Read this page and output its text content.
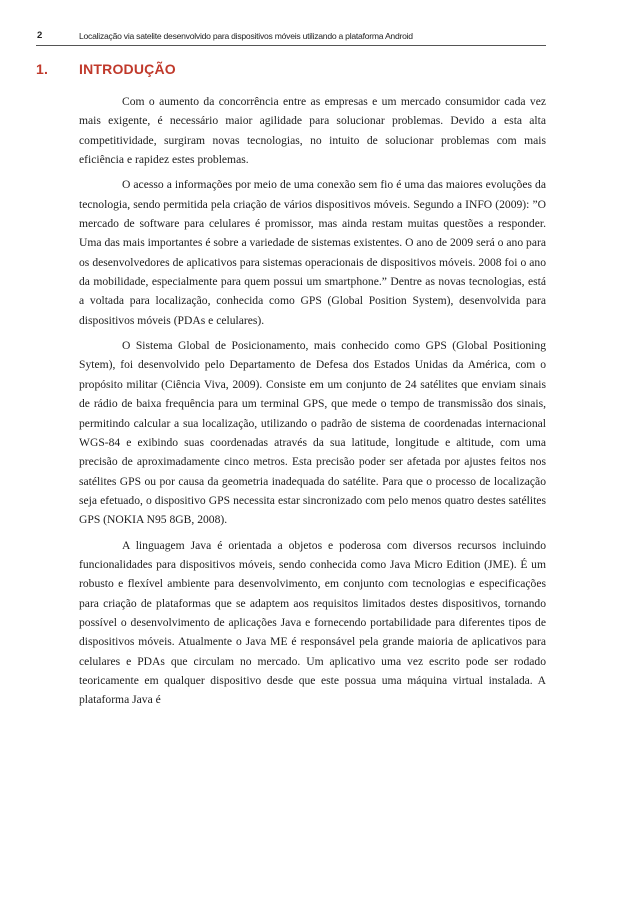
2	Localização via satelite desenvolvido para dispositivos móveis utilizando a plataforma Android
1. INTRODUÇÃO

Com o aumento da concorrência entre as empresas e um mercado consumidor cada vez mais exigente, é necessário maior agilidade para solucionar problemas. Devido a esta alta competitividade, surgiram novas tecnologias, no intuito de solucionar problemas com mais eficiência e rapidez estes problemas.

O acesso a informações por meio de uma conexão sem fio é uma das maiores evoluções da tecnologia, sendo permitida pela criação de vários dispositivos móveis. Segundo a INFO (2009): ”O mercado de software para celulares é promissor, mas ainda restam muitas questões a responder. Uma das mais importantes é sobre a variedade de sistemas existentes. O ano de 2009 será o ano para os desenvolvedores de aplicativos para sistemas operacionais de dispositivos móveis. 2008 foi o ano da mobilidade, especialmente para quem possui um smartphone.” Dentre as novas tecnologias, está a voltada para localização, conhecida como GPS (Global Position System), desenvolvida para dispositivos móveis (PDAs e celulares).

O Sistema Global de Posicionamento, mais conhecido como GPS (Global Positioning Sytem), foi desenvolvido pelo Departamento de Defesa dos Estados Unidas da América, com o propósito militar (Ciência Viva, 2009). Consiste em um conjunto de 24 satélites que enviam sinais de rádio de baixa frequência para um terminal GPS, que mede o tempo de transmissão dos sinais, permitindo calcular a sua localização, utilizando o padrão de sistema de coordenadas internacional WGS-84 e exibindo suas coordenadas através da sua latitude, longitude e altitude, com uma precisão de aproximadamente cinco metros. Esta precisão poder ser afetada por ajustes feitos nos satélites GPS ou por causa da geometria inadequada do satélite. Para que o processo de localização seja efetuado, o dispositivo GPS necessita estar sincronizado com pelo menos quatro destes satélites GPS (NOKIA N95 8GB, 2008).

A linguagem Java é orientada a objetos e poderosa com diversos recursos incluindo funcionalidades para dispositivos móveis, sendo conhecida como Java Micro Edition (JME). É um robusto e flexível ambiente para desenvolvimento, em conjunto com tecnologias e especificações para criação de plataformas que se adaptem aos requisitos limitados destes dispositivos, tornando possível o desenvolvimento de aplicações Java e fornecendo portabilidade para diferentes tipos de dispositivos móveis. Atualmente o Java ME é responsável pela grande maioria de aplicativos para celulares e PDAs que circulam no mercado. Um aplicativo uma vez escrito pode ser rodado teoricamente em qualquer dispositivo desde que este possua uma máquina virtual instalada. A plataforma Java é
